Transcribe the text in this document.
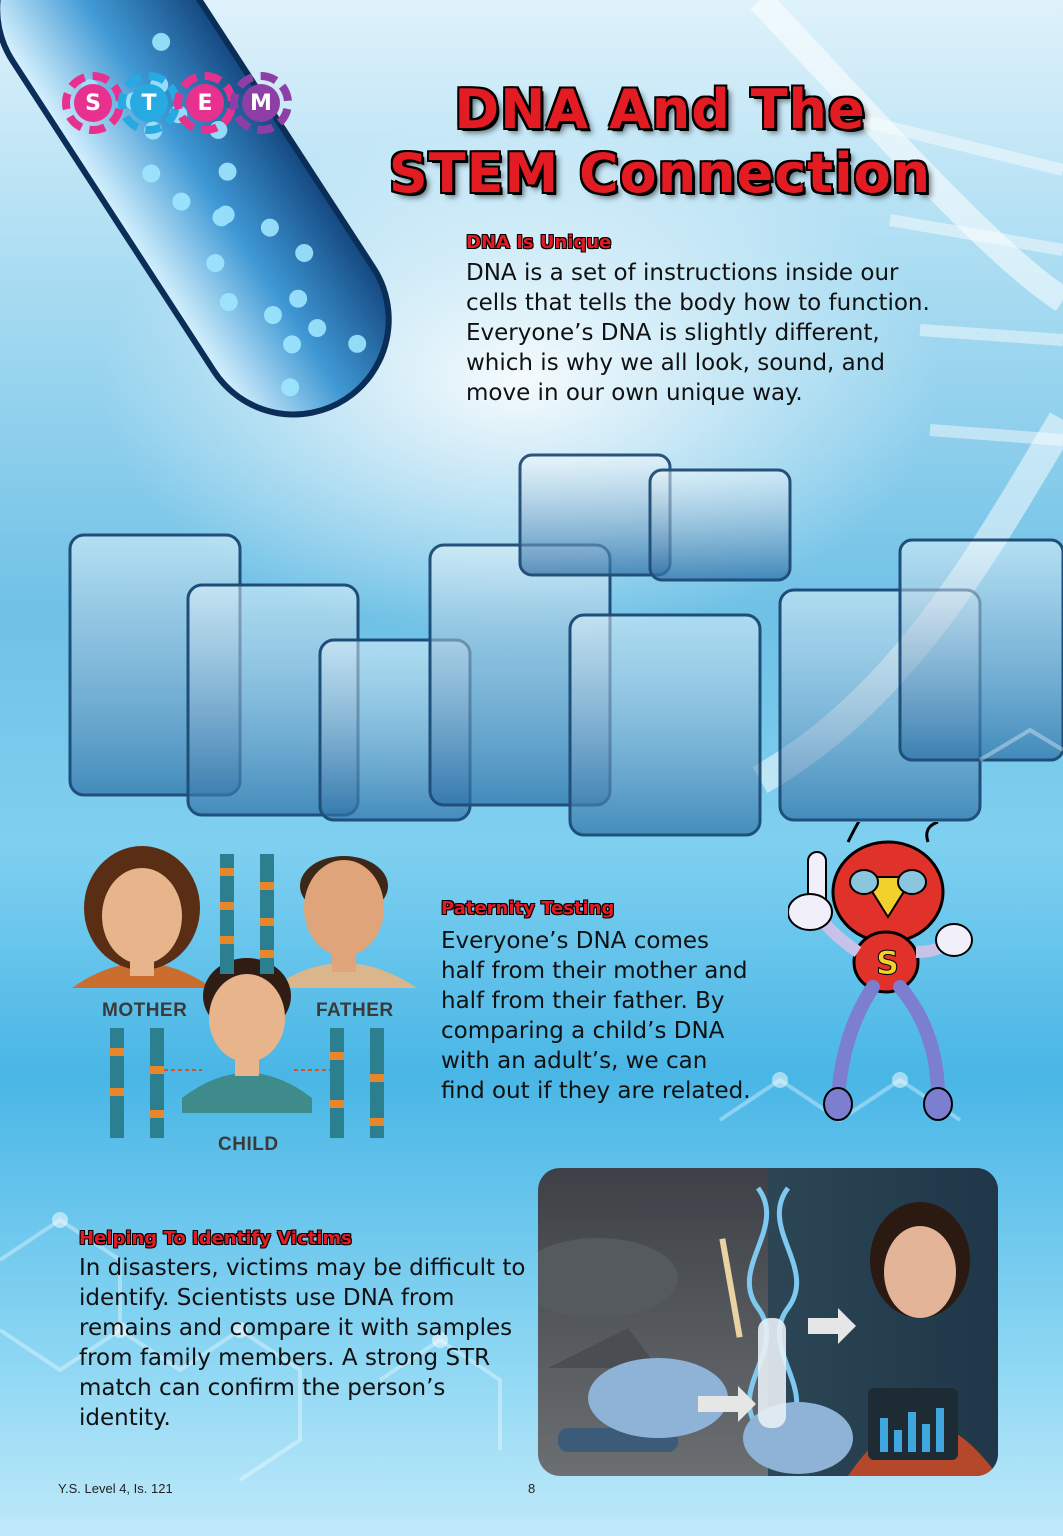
S	T	E	M	DNA And The
STEM Connection
DNA Is Unique

DNA is a set of instructions inside our cells that tells the body how to function. Everyone’s DNA is slightly different, which is why we all look, sound, and move in our own unique way.

MOTHER	FATHER
CHILD
Paternity Testing

Everyone’s DNA comes half from their mother and half from their father. By comparing a child’s DNA with an adult’s, we can find out if they are related.

S
Helping To Identify Victims

In disasters, victims may be difficult to identify. Scientists use DNA from remains and compare it with samples from family members. A strong STR match can confirm the person’s identity.

Y.S. Level 4, Is. 121	8
